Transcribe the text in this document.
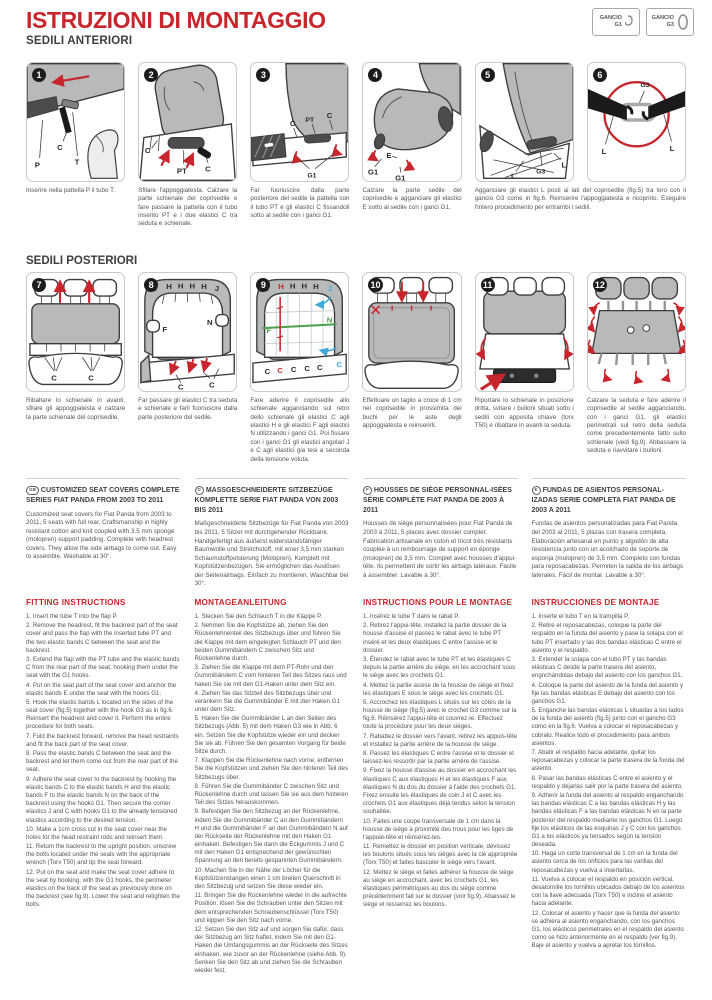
ISTRUZIONI DI MONTAGGIO
SEDILI ANTERIORI
GANCIO
G1
GANCIO
G3
1
P
C
T
2
C
PT C
3
C PT
C
G1
4
G1
E
G1
5
L	G3
L
6
G3
L	L
Inserire nella pattella P il tubo T.	Sfilare l'appoggiatesta. Calzare la parte schienale del coprisedile e fare passare la pattella con il tubo inserito PT e i due elastici C tra seduta e schienale.
Far fuoriuscire dalla parte posteriore del sedile la pattella con il tubo PT e gli elastici C fissandoli sotto al sedile con i ganci G1.
Calzare la parte sedile del coprisedile e agganciare gli elastici E sotto al sedile con i ganci G1.
Agganciare gli elastici L posti ai lati del coprisedile (fig.5) tra loro con il gancio G3 come in fig.6. Reinserire l'appoggiatesta e ricoprirlo. Eseguire l'intero procedimento per entrambi i sedili.
SEDILI POSTERIORI
7
C	C
8	H H H H J
F
N
C	C
9	H H H H J
F
N
C C C C C C
10	11	12
Ribaltare lo schienale in avanti, sfilare gli appoggiatesta e calzare la parte schienale del coprisedile.
Far passare gli elastici C tra seduta e schienale e farli fuoriuscire dalla parte posteriore del sedile.
Fare aderire il coprisedile allo schienale agganciando sul retro dello schienale gli elastici C agli elastici H e gli elastici F agli elastici N utilizzando i ganci G1. Poi fissare con i ganci G1 gli elastici angolari J e C agli elastici gia tesi a seconda della tensione voluta.
Effettuare un taglio a croce di 1 cm nel coprisedile in prossimita dei buchi per le aste degli appoggiatesta e reinserirli.
Riportare lo schienale in posizione dritta, svitare i bulloni situati sotto i sedili con apposita chiave (torx T50) e ribaltare in avanti la seduta.
Calzare la seduta e fare aderire il coprisedile al sedile agganciando, con i ganci G1, gli elastici perimetrali sul retro della seduta come precedentemente fatto sullo schienale (vedi fig.9). Abbassare la seduta e riavvitare i bulloni.
GB CUSTOMIZED SEAT COVERS COMPLETE SERIES FIAT PANDA FROM 2003 TO 2011
Customized seat covers for Fiat Panda from 2003 to 2011, 5 seats with full rear. Craftsmanship in highly resistant cotton and knit coupled with 3.5 mm sponge (molopren) support padding. Complete with headrest covers. They allow the side airbags to come out. Easy to assemble. Washable at 30°.
D MASSGESCHNEIDERTE SITZBEZÜGE KOMPLETTE SERIE FIAT PANDA VON 2003 BIS 2011
Maßgeschneiderte Sitzbezüge für Fiat Panda von 2003 bis 2011, 5 Sitzer mit durchgehender Rückbank. Handgefertigt aus äußerst widerstandsfähiger Baumwolle und Stretchstoff, mit einer 3,5 mm starken Schaumstoffpolsterung (Molopren). Komplett mit Kopfstützenbezügen. Sie ermöglichen das Auslösen der Seitenairbags. Einfach zu montieren. Waschbar bei 30°.
F HOUSSES DE SIÈGE PERSONNAL-ISÉES SÉRIE COMPLÈTE FIAT PANDA DE 2003 À 2011
Housses de siège personnalisées pour Fiat Panda de 2003 à 2011, 5 places avec dossier complet. Fabrication artisanale en coton et tricot très résistants couplée à un rembourrage de support en éponge (molopren) de 3,5 mm. Complet avec housses d'appui-tête. Ils permettent de sortir les airbags latéraux. Facile à assembler. Lavable à 30°.
E FUNDAS DE ASIENTOS PERSONAL-IZADAS SERIE COMPLETA FIAT PANDA DE 2003 A 2011
Fundas de asientos personalizadas para Fiat Panda del 2003 al 2011, 5 plazas con trasera completa. Elaboración artesanal en punto y algodón de alta resistencia junto con un acolchado de soporte de esponja (molopren) de 3,5 mm. Completo con fundas para reposacabezas. Permiten la salida de los airbags laterales. Fácil de montar. Lavable a 30°.
FITTING INSTRUCTIONS

1. Insert the tube T into the flap P.

2. Remove the headrest, fit the backrest part of the seat cover and pass the flap with the inserted tube PT and the two elastic bands C between the seat and the backrest.

3. Extend the flap with the PT tube and the elastic bands C from the rear part of the seat, hooking them under the seat with the G1 hooks.

4. Put on the seat part of the seat cover and anchor the elastic bands E under the seat with the hooks G1.

5. Hook the elastic bands L located on the sides of the seat cover (fig.5) together with the hook G3 as in fig.6. Reinsert the headrest and cover it. Perform the entire procedure for both seats.

7. Fold the backrest forward, remove the head restraints and fit the back part of the seat cover.

8. Pass the elastic bands C between the seat and the backrest and let them come out from the rear part of the seat.

9. Adhere the seat cover to the backrest by hooking the elastic bands C to the elastic bands H and the elastic bands F to the elastic bands N on the back of the backrest using the hooks G1. Then secure the corner elastics J and C with hooks G1 to the already tensioned elastics according to the desired tension.

10. Make a 1cm cross cut in the seat cover near the holes for the head restraint rods and reinsert them.

11. Return the backrest to the upright position, unscrew the bolts located under the seats with the appropriate wrench (Torx T50) and tip the seat forward.

12. Put on the seat and make the seat cover adhere to the seat by hooking, with the G1 hooks, the perimeter elastics on the back of the seat as previously done on the backrest (see fig.9). Lower the seat and retighten the bolts.

MONTAGEANLEITUNG

1. Stecken Sie den Schlauch T in die Klappe P.

2. Nehmen Sie die Kopfstütze ab, ziehen Sie den Rückenlehnenteil des Sitzbezugs über und führen Sie die Klappe mit dem eingelegten Schlauch PT und den beiden Gummibändern C zwischen Sitz und Rückenlehne durch.

3. Ziehen Sie die Klappe mit dem PT-Rohr und den Gummibändern C vom hinteren Teil des Sitzes raus und haken Sie sie mit den G1-Haken unter dem Sitz ein.

4. Ziehen Sie das Sitzteil des Sitzbezugs über und verankern Sie die Gummibänder E mit den Haken G1 unter dem Sitz.

5. Haken Sie die Gummibänder L an den Seiten des Sitzbezugs (Abb. 5) mit dem Haken G3 wie in Abb. 6 ein. Setzen Sie die Kopfstütze wieder ein und decken Sie sie ab. Führen Sie den gesamten Vorgang für beide Sitze durch.

7. Klappen Sie die Rückenlehne nach vorne, entfernen Sie die Kopfstützen und ziehen Sie den hinteren Teil des Sitzbezugs über.

8. Führen Sie die Gummibänder C zwischen Sitz und Rückenlehne durch und lassen Sie sie aus dem hinteren Teil des Sitzes herauskommen.

9. Befestigen Sie den Sitzbezug an der Rückenlehne, indem Sie die Gummibänder C an den Gummibändern H und die Gummibänder F an den Gummibändern N auf der Rückseite der Rückenlehne mit den Haken G1 einhaken. Befestigen Sie dann die Eckgummis J und C mit den Haken G1 entsprechend der gewünschten Spannung an den bereits gespannten Gummibändern.

10. Machen Sie in der Nähe der Löcher für die Kopfstützenstangen einen 1 cm breiten Querschnitt in den Sitzbezug und setzen Sie diese wieder ein.

11. Bringen Sie die Rückenlehne wieder in die aufrechte Position, lösen Sie die Schrauben unter den Sitzen mit dem entsprechenden Schraubenschlüssel (Torx T50) und kippen Sie den Sitz nach vorne.

12. Setzen Sie den Sitz auf und sorgen Sie dafür, dass der Sitzbezug am Sitz haftet, indem Sie mit den G1-Haken die Umfangsgummis an der Rückseite des Sitzes einhaken, wie zuvor an der Rückenlehne (siehe Abb. 9). Senken Sie den Sitz ab und ziehen Sie die Schrauben wieder fest.

INSTRUCTIONS POUR LE MONTAGE

1. Insérez le tube T dans le rabat P.

2. Retirez l'appui-tête, installez la partie dossier de la housse d'assise et passez le rabat avec le tube PT inséré et les deux élastiques C entre l'assise et le dossier.

3. Étendez le rabat avec le tube PT et les élastiques C depuis la partie arrière du siège, en les accrochant sous le siège avec les crochets G1.

4. Mettez la partie assise de la housse de siège et fixez les élastiques E sous le siège avec les crochets G1.

5. Accrochez les élastiques L situés sur les côtés de la housse de siège (fig.5) avec le crochet G3 comme sur la fig.6. Réinsérez l'appui-tête et couvrez-le. Effectuez toute la procédure pour les deux sièges.

7. Rabattez le dossier vers l'avant, retirez les appuis-tête et installez la partie arrière de la housse de siège.

8. Passez les élastiques C entre l'assise et le dossier et laissez-les ressortir par la partie arrière de l'assise.

9. Fixez la housse d'assise au dossier en accrochant les élastiques C aux élastiques H et les élastiques F aux élastiques N du dos du dossier à l'aide des crochets G1. Fixez ensuite les élastiques de coin J et C avec les crochets G1 aux élastiques déjà tendus selon la tension souhaitée.

10. Faites une coupe transversale de 1 cm dans la housse de siège à proximité des trous pour les tiges de l'appuie-tête et réinsérez-les.

11. Remettez le dossier en position verticale, dévissez les boulons situés sous les sièges avec la clé appropriée (Torx T50) et faites basculer le siège vers l'avant.

12. Mettez le siège et faites adhérer la housse de siège au siège en accrochant, avec les crochets G1, les élastiques périmétriques au dos du siège comme précédemment fait sur le dossier (voir fig.9). Abaissez le siège et resserrez les boulons.

INSTRUCCIONES DE MONTAJE

1. Inserte el tubo T en la trampilla P.

2. Retire el reposacabezas, coloque la parte del respaldo en la funda del asiento y pase la solapa con el tubo PT insertado y las dos bandas elásticas C entre el asiento y el respaldo.

3. Extender la solapa con el tubo PT y las bandas elásticas C desde la parte trasera del asiento, engnchándolas debajo del asiento con los ganchos G1.

4. Coloque la parte del asiento de la funda del asiento y fije las bandas elásticas E debajo del asiento con los ganchos G1.

5. Enganche las bandas elásticas L situadas a los lados de la funda del asiento (fig.5) junto con el gancho G3 como en la fig.6. Vuelva a colocar el reposacabezas y cúbralo. Realice todo el procedimiento para ambos asientos.

7. Abatir el respaldo hacia adelante, quitar los reposacabezas y colocar la parte trasera de la funda del asiento.

8. Pasar las bandas elásticas C entre el asiento y el respaldo y dejarlas salir por la parte trasera del asiento.

9. Adherir la funda del asiento al respaldo enganchando las bandas elásticas C a las bandas elásticas H y las bandas elásticas F a las bandas elásticas N en la parte posterior del respaldo mediante los ganchos G1. Luego fije los elásticos de las esquinas J y C con los ganchos G1 a los elásticos ya tensados según la tensión deseada.

10. Haga un corte transversal de 1 cm en la funda del asiento cerca de los orificios para las varillas del reposacabezas y vuelva a insertarlas.

11. Vuelva a colocar el respaldo en posición vertical, desatornille los tornillos ubicados debajo de los asientos con la llave adecuada (Torx T50) e incline el asiento hacia adelante.

12. Colocar el asiento y hacer que la funda del asiento se adhiera al asiento enganchando, con los ganchos G1, los elásticos perimetrales en el respaldo del asiento como se hizo anteriormente en el respaldo (ver fig.9). Baje el asiento y vuelva a apretar los tornillos.
